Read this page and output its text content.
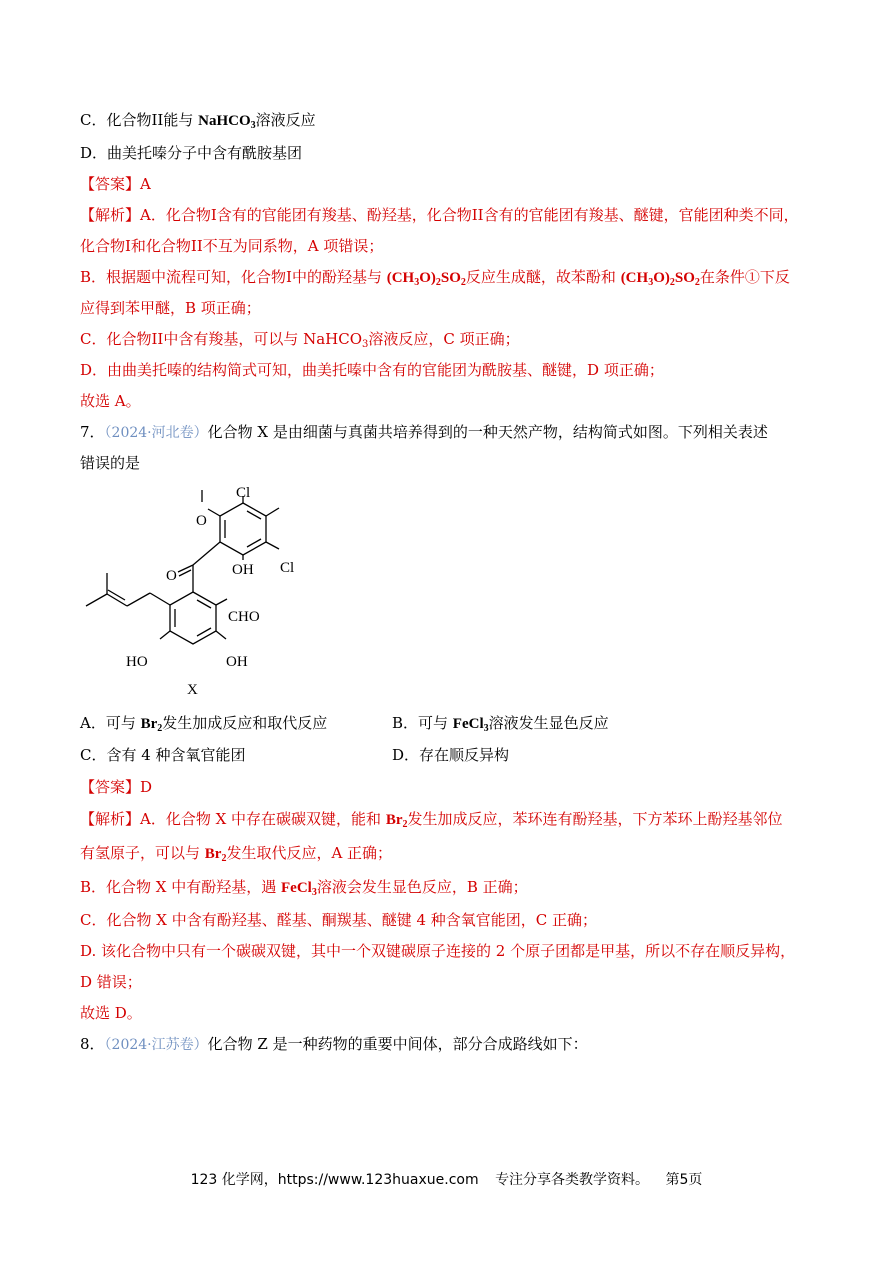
C．化合物II能与 NaHCO$_3$溶液反应
D．曲美托嗪分子中含有酰胺基团
【答案】A
【解析】A．化合物I含有的官能团有羧基、酚羟基，化合物II含有的官能团有羧基、醚键，官能团种类不同，
化合物I和化合物II不互为同系物，A 项错误；
B．根据题中流程可知，化合物I中的酚羟基与 $(CH_3O)_2SO_2$反应生成醚，故苯酚和 $(CH_3O)_2SO_2$在条件①下反
应得到苯甲醚，B 项正确；
C．化合物II中含有羧基，可以与 NaHCO$_3$溶液反应，C 项正确；
D．由曲美托嗪的结构简式可知，曲美托嗪中含有的官能团为酰胺基、醚键，D 项正确；
故选 A。
7．（2024·河北卷）化合物 X 是由细菌与真菌共培养得到的一种天然产物，结构简式如图。下列相关表述
错误的是
Cl
Cl
O
OH
O
CHO
HO	OH
X
A．可与 $Br_2$发生加成反应和取代反应	B．可与 FeCl$_3$溶液发生显色反应
C．含有 4 种含氧官能团	D．存在顺反异构
【答案】D
【解析】A．化合物 X 中存在碳碳双键，能和 $Br_2$发生加成反应，苯环连有酚羟基，下方苯环上酚羟基邻位
有氢原子，可以与 $Br_2$发生取代反应，A 正确；
B．化合物 X 中有酚羟基，遇 FeCl$_3$溶液会发生显色反应，B 正确；
C．化合物 X 中含有酚羟基、醛基、酮羰基、醚键 4 种含氧官能团，C 正确；
D. 该化合物中只有一个碳碳双键，其中一个双键碳原子连接的 2 个原子团都是甲基，所以不存在顺反异构，
D 错误；
故选 D。
8．（2024·江苏卷）化合物 Z 是一种药物的重要中间体，部分合成路线如下：
123 化学网，https://www.123huaxue.com 专注分享各类教学资料。 第5页
